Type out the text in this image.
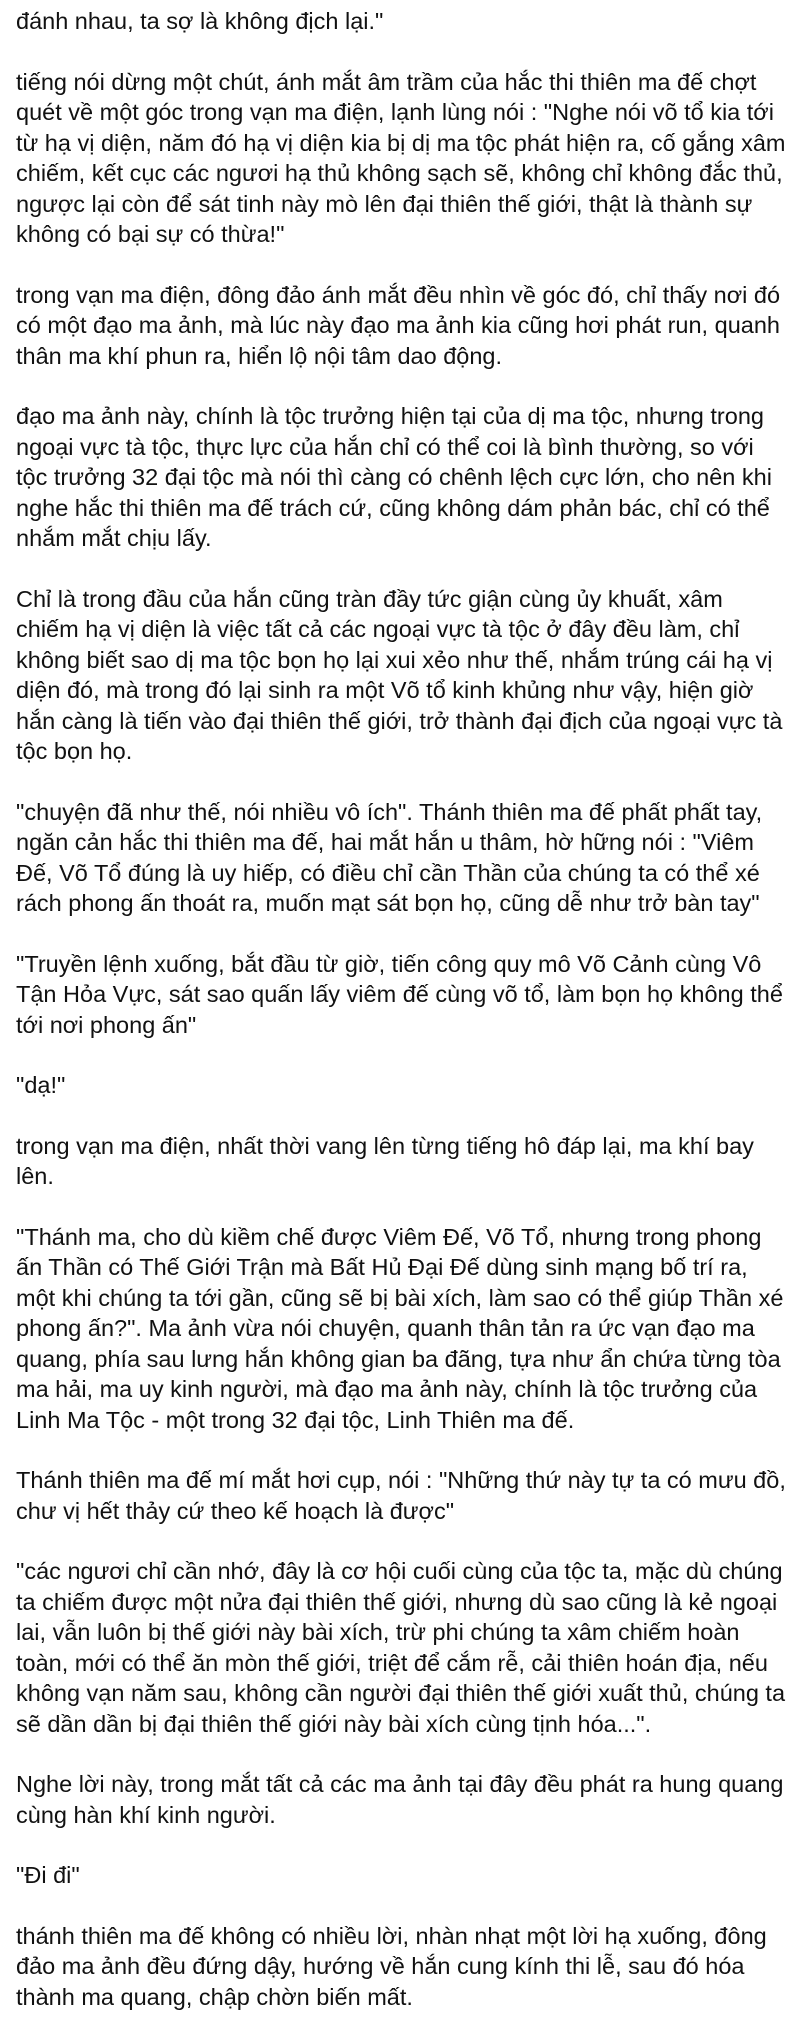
đánh nhau, ta sợ là không địch lại."

tiếng nói dừng một chút, ánh mắt âm trầm của hắc thi thiên ma đế chợt quét về một góc trong vạn ma điện, lạnh lùng nói : "Nghe nói võ tổ kia tới từ hạ vị diện, năm đó hạ vị diện kia bị dị ma tộc phát hiện ra, cố gắng xâm chiếm, kết cục các ngươi hạ thủ không sạch sẽ, không chỉ không đắc thủ, ngược lại còn để sát tinh này mò lên đại thiên thế giới, thật là thành sự không có bại sự có thừa!"

trong vạn ma điện, đông đảo ánh mắt đều nhìn về góc đó, chỉ thấy nơi đó có một đạo ma ảnh, mà lúc này đạo ma ảnh kia cũng hơi phát run, quanh thân ma khí phun ra, hiển lộ nội tâm dao động.

đạo ma ảnh này, chính là tộc trưởng hiện tại của dị ma tộc, nhưng trong ngoại vực tà tộc, thực lực của hắn chỉ có thể coi là bình thường, so với tộc trưởng 32 đại tộc mà nói thì càng có chênh lệch cực lớn, cho nên khi nghe hắc thi thiên ma đế trách cứ, cũng không dám phản bác, chỉ có thể nhắm mắt chịu lấy.

Chỉ là trong đầu của hắn cũng tràn đầy tức giận cùng ủy khuất, xâm chiếm hạ vị diện là việc tất cả các ngoại vực tà tộc ở đây đều làm, chỉ không biết sao dị ma tộc bọn họ lại xui xẻo như thế, nhắm trúng cái hạ vị diện đó, mà trong đó lại sinh ra một Võ tổ kinh khủng như vậy, hiện giờ hắn càng là tiến vào đại thiên thế giới, trở thành đại địch của ngoại vực tà tộc bọn họ.

"chuyện đã như thế, nói nhiều vô ích". Thánh thiên ma đế phất phất tay, ngăn cản hắc thi thiên ma đế, hai mắt hắn u thâm, hờ hững nói : "Viêm Đế, Võ Tổ đúng là uy hiếp, có điều chỉ cần Thần của chúng ta có thể xé rách phong ấn thoát ra, muốn mạt sát bọn họ, cũng dễ như trở bàn tay"

"Truyền lệnh xuống, bắt đầu từ giờ, tiến công quy mô Võ Cảnh cùng Vô Tận Hỏa Vực, sát sao quấn lấy viêm đế cùng võ tổ, làm bọn họ không thể tới nơi phong ấn"

"dạ!"

trong vạn ma điện, nhất thời vang lên từng tiếng hô đáp lại, ma khí bay lên.

"Thánh ma, cho dù kiềm chế được Viêm Đế, Võ Tổ, nhưng trong phong ấn Thần có Thế Giới Trận mà Bất Hủ Đại Đế dùng sinh mạng bố trí ra, một khi chúng ta tới gần, cũng sẽ bị bài xích, làm sao có thể giúp Thần xé phong ấn?". Ma ảnh vừa nói chuyện, quanh thân tản ra ức vạn đạo ma quang, phía sau lưng hắn không gian ba đãng, tựa như ẩn chứa từng tòa ma hải, ma uy kinh người, mà đạo ma ảnh này, chính là tộc trưởng của Linh Ma Tộc - một trong 32 đại tộc, Linh Thiên ma đế.

Thánh thiên ma đế mí mắt hơi cụp, nói : "Những thứ này tự ta có mưu đồ, chư vị hết thảy cứ theo kế hoạch là được"

"các ngươi chỉ cần nhớ, đây là cơ hội cuối cùng của tộc ta, mặc dù chúng ta chiếm được một nửa đại thiên thế giới, nhưng dù sao cũng là kẻ ngoại lai, vẫn luôn bị thế giới này bài xích, trừ phi chúng ta xâm chiếm hoàn toàn, mới có thể ăn mòn thế giới, triệt để cắm rễ, cải thiên hoán địa, nếu không vạn năm sau, không cần người đại thiên thế giới xuất thủ, chúng ta sẽ dần dần bị đại thiên thế giới này bài xích cùng tịnh hóa...".

Nghe lời này, trong mắt tất cả các ma ảnh tại đây đều phát ra hung quang cùng hàn khí kinh người.

"Đi đi"

thánh thiên ma đế không có nhiều lời, nhàn nhạt một lời hạ xuống, đông đảo ma ảnh đều đứng dậy, hướng về hắn cung kính thi lễ, sau đó hóa thành ma quang, chập chờn biến mất.
